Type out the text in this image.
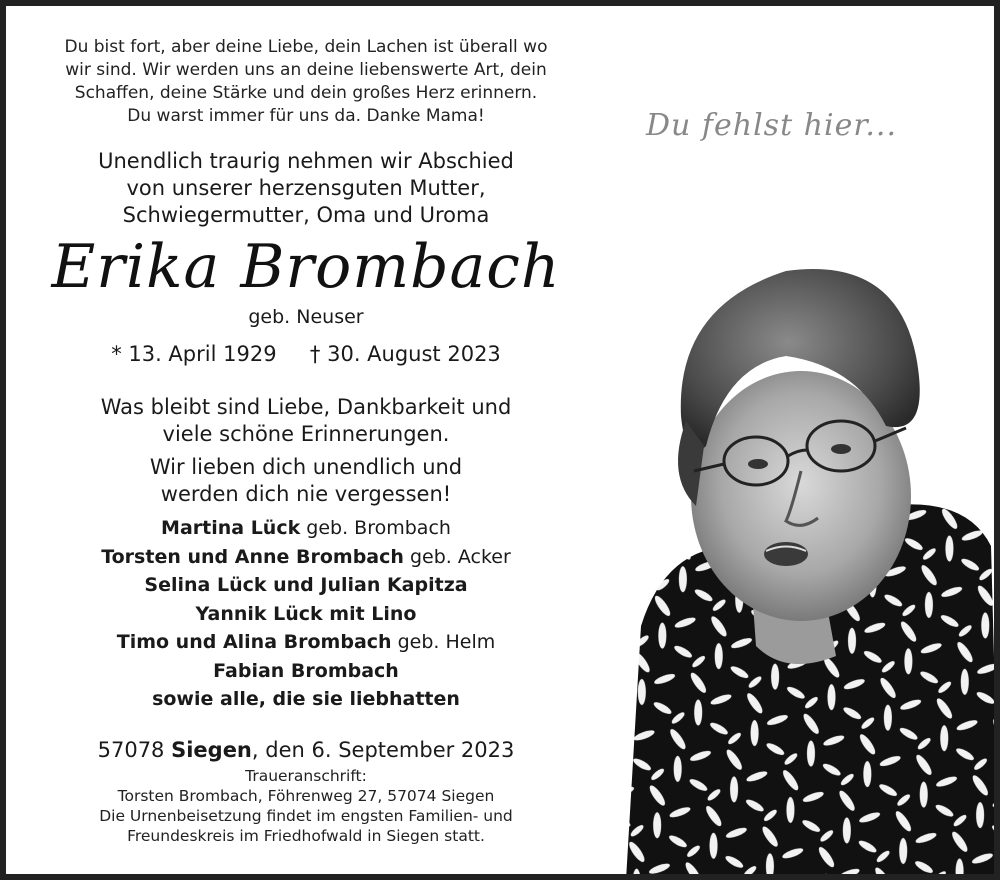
Du bist fort, aber deine Liebe, dein Lachen ist überall wo
wir sind. Wir werden uns an deine liebenswerte Art, dein
Schaffen, deine Stärke und dein großes Herz erinnern.
Du warst immer für uns da. Danke Mama!
Unendlich traurig nehmen wir Abschied
von unserer herzensguten Mutter,
Schwiegermutter, Oma und Uroma
Erika Brombach
geb. Neuser
* 13. April 1929     † 30. August 2023
Was bleibt sind Liebe, Dankbarkeit und
viele schöne Erinnerungen.
Wir lieben dich unendlich und
werden dich nie vergessen!
Martina Lück geb. Brombach
Torsten und Anne Brombach geb. Acker
Selina Lück und Julian Kapitza
Yannik Lück mit Lino
Timo und Alina Brombach geb. Helm
Fabian Brombach
sowie alle, die sie liebhatten
57078 Siegen, den 6. September 2023
Traueranschrift:
Torsten Brombach, Föhrenweg 27, 57074 Siegen
Die Urnenbeisetzung findet im engsten Familien- und
Freundeskreis im Friedhofwald in Siegen statt.
Du fehlst hier...
